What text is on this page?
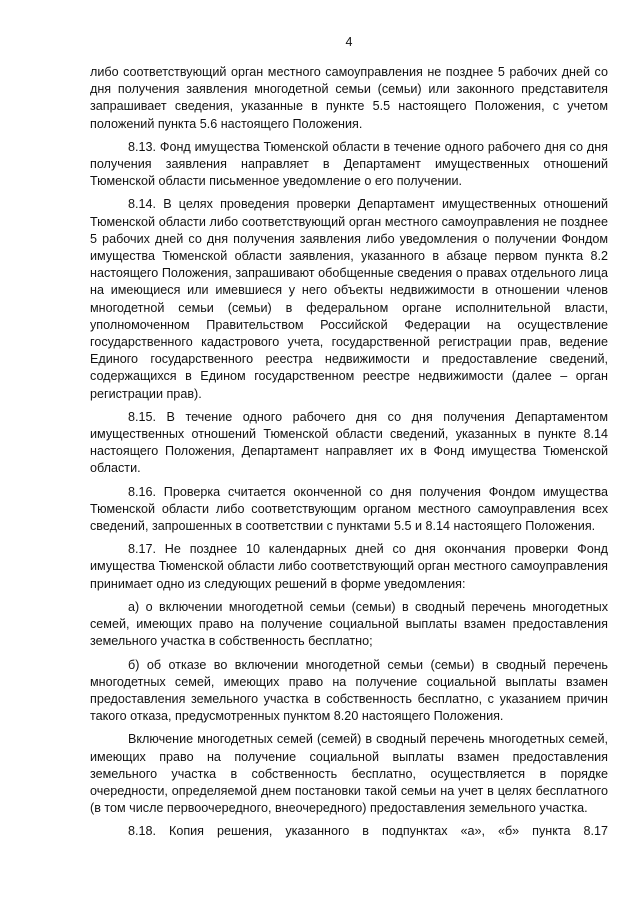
4

либо соответствующий орган местного самоуправления не позднее 5 рабочих дней со дня получения заявления многодетной семьи (семьи) или законного представителя запрашивает сведения, указанные в пункте 5.5 настоящего Положения, с учетом положений пункта 5.6 настоящего Положения.

8.13. Фонд имущества Тюменской области в течение одного рабочего дня со дня получения заявления направляет в Департамент имущественных отношений Тюменской области письменное уведомление о его получении.

8.14. В целях проведения проверки Департамент имущественных отношений Тюменской области либо соответствующий орган местного самоуправления не позднее 5 рабочих дней со дня получения заявления либо уведомления о получении Фондом имущества Тюменской области заявления, указанного в абзаце первом пункта 8.2 настоящего Положения, запрашивают обобщенные сведения о правах отдельного лица на имеющиеся или имевшиеся у него объекты недвижимости в отношении членов многодетной семьи (семьи) в федеральном органе исполнительной власти, уполномоченном Правительством Российской Федерации на осуществление государственного кадастрового учета, государственной регистрации прав, ведение Единого государственного реестра недвижимости и предоставление сведений, содержащихся в Едином государственном реестре недвижимости (далее – орган регистрации прав).

8.15. В течение одного рабочего дня со дня получения Департаментом имущественных отношений Тюменской области сведений, указанных в пункте 8.14 настоящего Положения, Департамент направляет их в Фонд имущества Тюменской области.

8.16. Проверка считается оконченной со дня получения Фондом имущества Тюменской области либо соответствующим органом местного самоуправления всех сведений, запрошенных в соответствии с пунктами 5.5 и 8.14 настоящего Положения.

8.17. Не позднее 10 календарных дней со дня окончания проверки Фонд имущества Тюменской области либо соответствующий орган местного самоуправления принимает одно из следующих решений в форме уведомления:

а) о включении многодетной семьи (семьи) в сводный перечень многодетных семей, имеющих право на получение социальной выплаты взамен предоставления земельного участка в собственность бесплатно;

б) об отказе во включении многодетной семьи (семьи) в сводный перечень многодетных семей, имеющих право на получение социальной выплаты взамен предоставления земельного участка в собственность бесплатно, с указанием причин такого отказа, предусмотренных пунктом 8.20 настоящего Положения.

Включение многодетных семей (семей) в сводный перечень многодетных семей, имеющих право на получение социальной выплаты взамен предоставления земельного участка в собственность бесплатно, осуществляется в порядке очередности, определяемой днем постановки такой семьи на учет в целях бесплатного (в том числе первоочередного, внеочередного) предоставления земельного участка.

8.18. Копия решения, указанного в подпунктах «а», «б» пункта 8.17
